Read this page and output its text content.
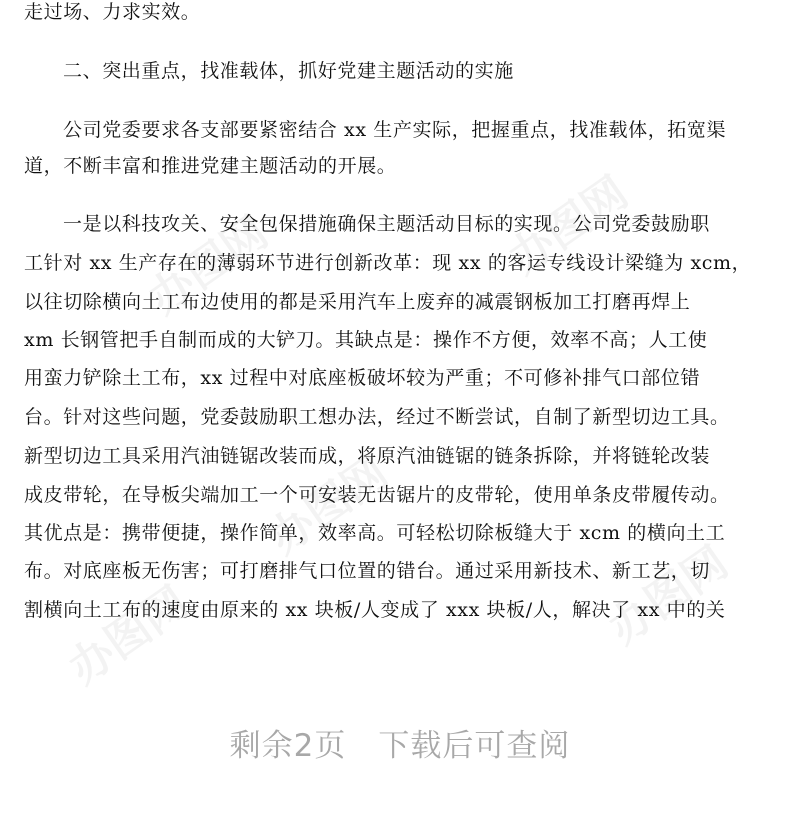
办图网	办图网
办图网
办图网
办图网
走过场、力求实效。
二、突出重点，找准载体，抓好党建主题活动的实施
公司党委要求各支部要紧密结合 xx 生产实际，把握重点，找准载体，拓宽渠
道，不断丰富和推进党建主题活动的开展。
一是以科技攻关、安全包保措施确保主题活动目标的实现。公司党委鼓励职
工针对 xx 生产存在的薄弱环节进行创新改革：现 xx 的客运专线设计梁缝为 xcm，
以往切除横向土工布边使用的都是采用汽车上废弃的减震钢板加工打磨再焊上
xm 长钢管把手自制而成的大铲刀。其缺点是：操作不方便，效率不高；人工使
用蛮力铲除土工布，xx 过程中对底座板破坏较为严重；不可修补排气口部位错
台。针对这些问题，党委鼓励职工想办法，经过不断尝试，自制了新型切边工具。
新型切边工具采用汽油链锯改装而成，将原汽油链锯的链条拆除，并将链轮改装
成皮带轮，在导板尖端加工一个可安装无齿锯片的皮带轮，使用单条皮带履传动。
其优点是：携带便捷，操作简单，效率高。可轻松切除板缝大于 xcm 的横向土工
布。对底座板无伤害；可打磨排气口位置的错台。通过采用新技术、新工艺，切
割横向土工布的速度由原来的 xx 块板/人变成了 xxx 块板/人，解决了 xx 中的关
剩余2页　下载后可查阅
